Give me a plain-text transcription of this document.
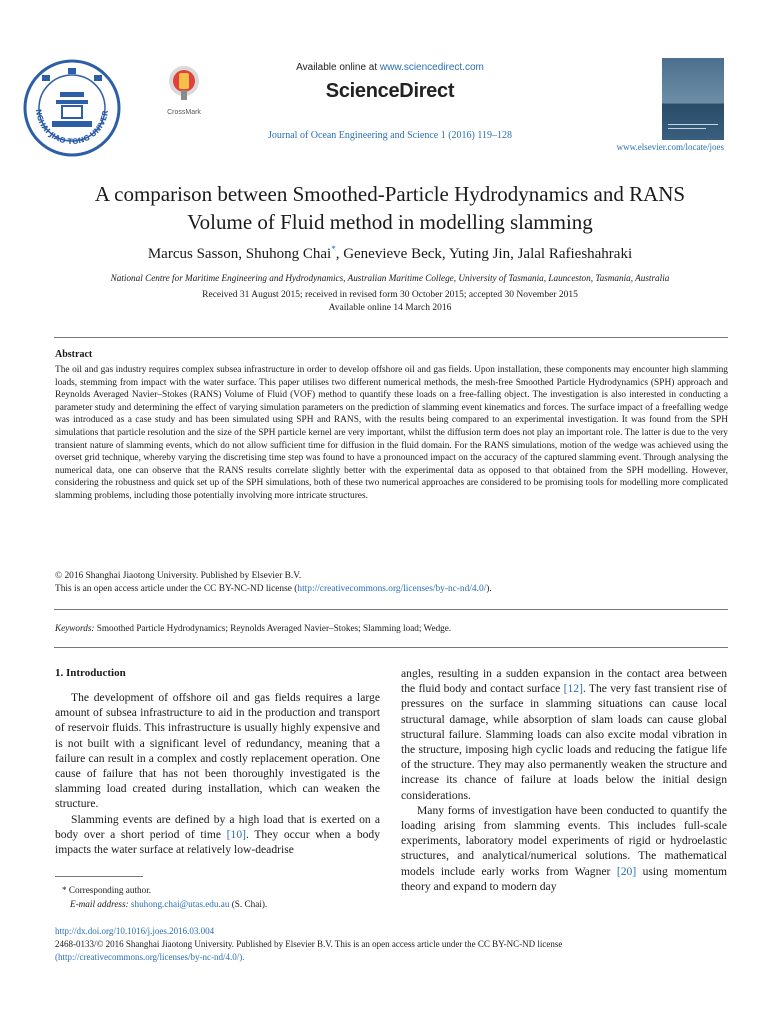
NGHAI JIAO TONG UNIVER	CrossMark
Available online at www.sciencedirect.com
ScienceDirect
Journal of Ocean Engineering and Science 1 (2016) 119–128
www.elsevier.com/locate/joes
A comparison between Smoothed-Particle Hydrodynamics and RANS
Volume of Fluid method in modelling slamming
Marcus Sasson, Shuhong Chai*, Genevieve Beck, Yuting Jin, Jalal Rafieshahraki
National Centre for Maritime Engineering and Hydrodynamics, Australian Maritime College, University of Tasmania, Launceston, Tasmania, Australia
Received 31 August 2015; received in revised form 30 October 2015; accepted 30 November 2015
Available online 14 March 2016
Abstract
The oil and gas industry requires complex subsea infrastructure in order to develop offshore oil and gas fields. Upon installation, these components may encounter high slamming loads, stemming from impact with the water surface. This paper utilises two different numerical methods, the mesh-free Smoothed Particle Hydrodynamics (SPH) approach and Reynolds Averaged Navier–Stokes (RANS) Volume of Fluid (VOF) method to quantify these loads on a free-falling object. The investigation is also interested in conducting a parameter study and determining the effect of varying simulation parameters on the prediction of slamming event kinematics and forces. The surface impact of a freefalling wedge was introduced as a case study and has been simulated using SPH and RANS, with the results being compared to an experimental investigation. It was found from the SPH simulations that particle resolution and the size of the SPH particle kernel are very important, whilst the diffusion term does not play an important role. The latter is due to the very transient nature of slamming events, which do not allow sufficient time for diffusion in the fluid domain. For the RANS simulations, motion of the wedge was achieved using the overset grid technique, whereby varying the discretising time step was found to have a pronounced impact on the accuracy of the captured slamming event. Through analysing the numerical data, one can observe that the RANS results correlate slightly better with the experimental data as opposed to that obtained from the SPH modelling. However, considering the robustness and quick set up of the SPH simulations, both of these two numerical approaches are considered to be promising tools for modelling more complicated slamming problems, including those potentially involving more intricate structures.
© 2016 Shanghai Jiaotong University. Published by Elsevier B.V.
This is an open access article under the CC BY-NC-ND license (http://creativecommons.org/licenses/by-nc-nd/4.0/).
Keywords: Smoothed Particle Hydrodynamics; Reynolds Averaged Navier–Stokes; Slamming load; Wedge.
1. Introduction

The development of offshore oil and gas fields requires a large amount of subsea infrastructure to aid in the production and transport of reservoir fluids. This infrastructure is usually highly expensive and is not built with a significant level of redundancy, meaning that a failure can result in a complex and costly replacement operation. One cause of failure that has not been thoroughly investigated is the slamming load created during installation, which can weaken the structure.

Slamming events are defined by a high load that is exerted on a body over a short period of time [10]. They occur when a body impacts the water surface at relatively low-deadrise

angles, resulting in a sudden expansion in the contact area between the fluid body and contact surface [12]. The very fast transient rise of pressures on the surface in slamming situations can cause local structural damage, while absorption of slam loads can cause global structural failure. Slamming loads can also excite modal vibration in the structure, imposing high cyclic loads and reducing the fatigue life of the structure. They may also permanently weaken the structure and increase its chance of failure at loads below the initial design considerations.

Many forms of investigation have been conducted to quantify the loading arising from slamming events. This includes full-scale experiments, laboratory model experiments of rigid or hydroelastic structures, and analytical/numerical solutions. The mathematical models include early works from Wagner [20] using momentum theory and expand to modern day

* Corresponding author.
E-mail address: shuhong.chai@utas.edu.au (S. Chai).
http://dx.doi.org/10.1016/j.joes.2016.03.004
2468-0133/© 2016 Shanghai Jiaotong University. Published by Elsevier B.V. This is an open access article under the CC BY-NC-ND license
(http://creativecommons.org/licenses/by-nc-nd/4.0/).
